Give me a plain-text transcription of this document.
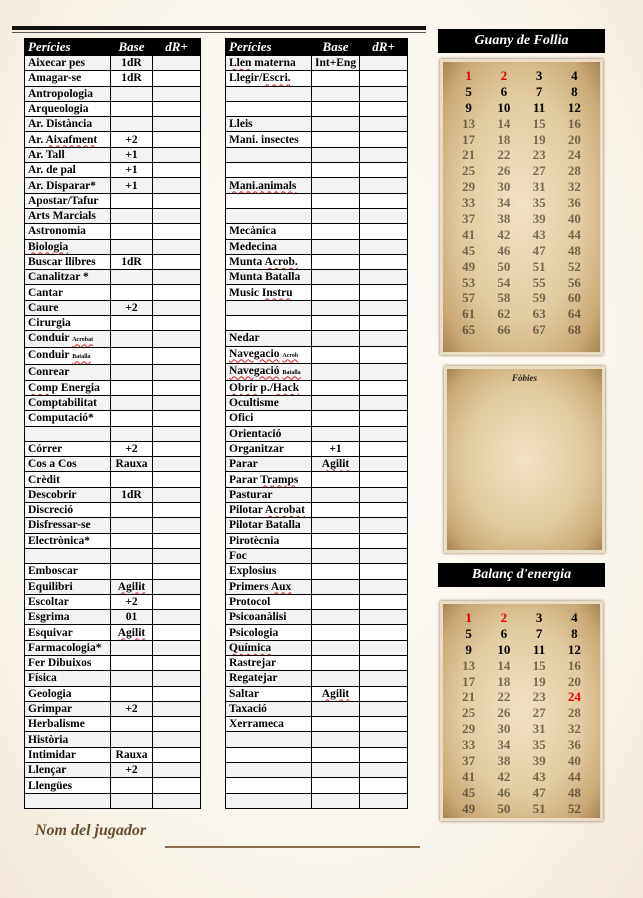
Perícies	Base	dR+
Aixecar pes	1dR	
Amagar-se	1dR	
Antropologia		
Arqueologia		
Ar. Distància		
Ar. Aixafment	+2	
Ar. Tall	+1	
Ar. de pal	+1	
Ar. Disparar*	+1	
Apostar/Tafur		
Arts Marcials		
Astronomia		
Biologia		
Buscar llibres	1dR	
Canalitzar *		
Cantar		
Caure	+2	
Cirurgia		
Conduir Acrobat		
Conduir Batalla		
Conrear		
Comp Energia		
Comptabilitat		
Computació*		

Córrer	+2	
Cos a Cos	Rauxa	
Crèdit		
Descobrir	1dR	
Discreció		
Disfressar-se		
Electrònica*		

Emboscar		
Equilibri	Agilit	
Escoltar	+2	
Esgrima	01	
Esquivar	Agilit	
Farmacologia*		
Fer Dibuixos		
Física		
Geologia		
Grimpar	+2	
Herbalisme		
Història		
Intimidar	Rauxa	
Llençar	+2	
Llengües		

Perícies	Base	dR+
Llen materna	Int+Eng	
Llegir/Escri.		

Lleis		
Mani. insectes		

Mani.animals		

Mecànica		
Medecina		
Munta Acrob.		
Munta Batalla		
Music Instru		

Nedar		
Navegacio Acrob		
Navegació Batalla		
Obrir p./Hack		
Ocultisme		
Ofici		
Orientació		
Organitzar	+1	
Parar	Agilit	
Parar Tramps		
Pasturar		
Pilotar Acrobat		
Pilotar Batalla		
Pirotècnia		
Foc		
Explosius		
Primers Aux		
Protocol		
Psicoanàlisi		
Psicologia		
Química		
Rastrejar		
Regatejar		
Saltar	Agilit	
Taxació		
Xerrameca		

Guany de Follia
1	2	3	4
5	6	7	8
9	10	11	12
13	14	15	16
17	18	19	20
21	22	23	24
25	26	27	28
29	30	31	32
33	34	35	36
37	38	39	40
41	42	43	44
45	46	47	48
49	50	51	52
53	54	55	56
57	58	59	60
61	62	63	64
65	66	67	68
Fòbies
Balanç d'energia
1	2	3	4
5	6	7	8
9	10	11	12
13	14	15	16
17	18	19	20
21	22	23	24
25	26	27	28
29	30	31	32
33	34	35	36
37	38	39	40
41	42	43	44
45	46	47	48
49	50	51	52
Nom del jugador
